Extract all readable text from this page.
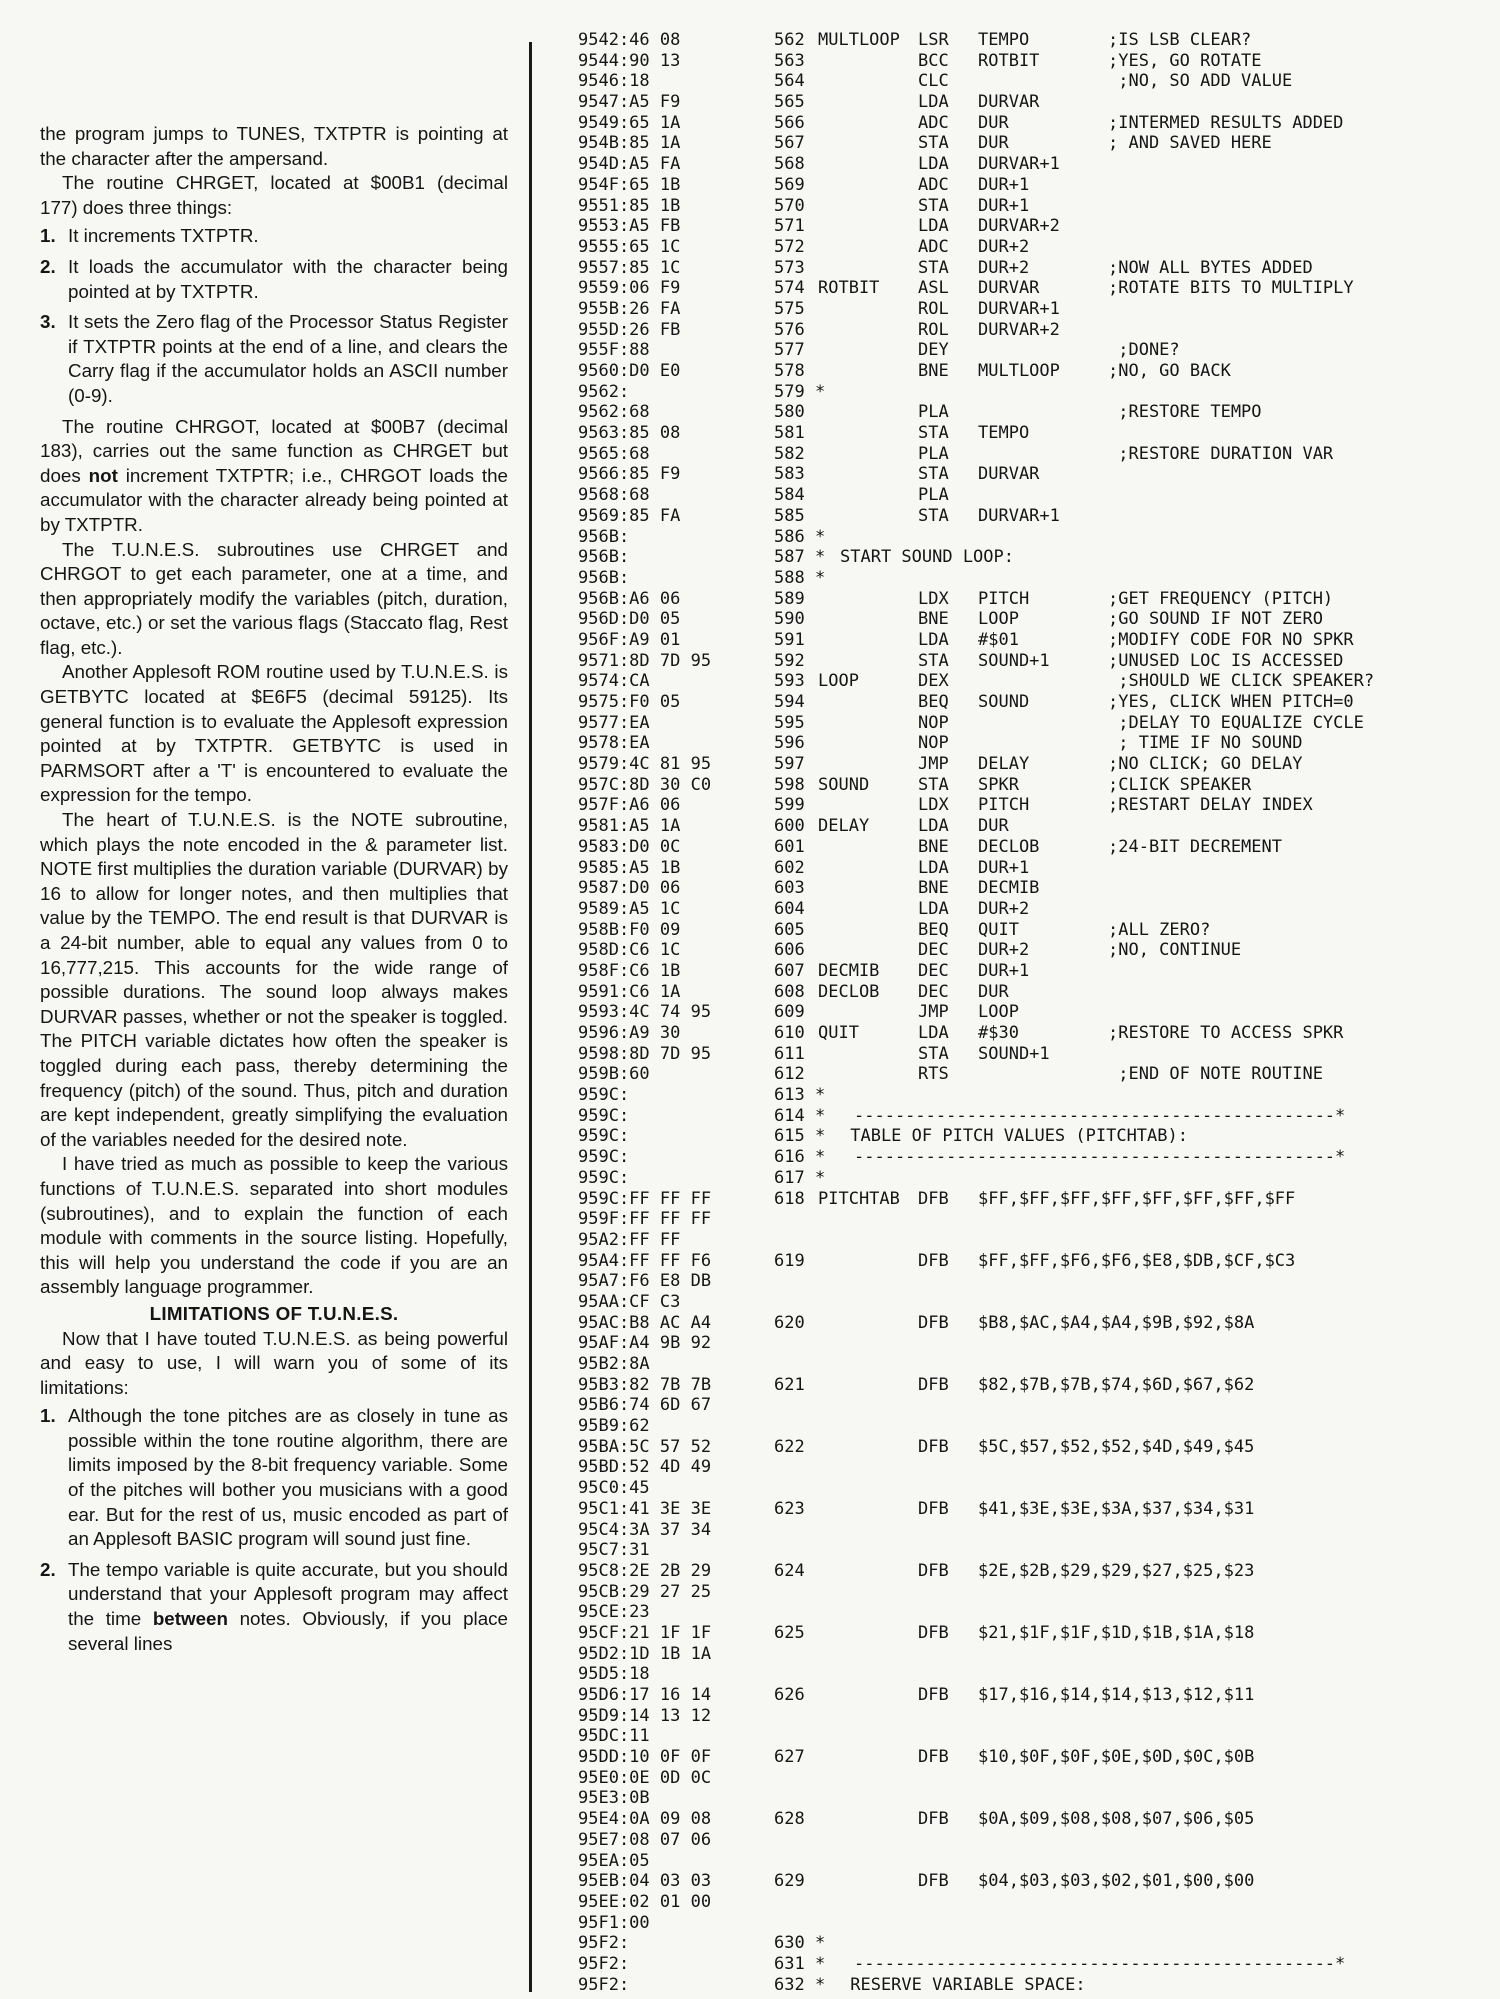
the program jumps to TUNES, TXTPTR is pointing at the character after the ampersand.

The routine CHRGET, located at $00B1 (decimal 177) does three things:

1. It increments TXTPTR.
2. It loads the accumulator with the character being pointed at by TXTPTR.
3. It sets the Zero flag of the Processor Status Register if TXTPTR points at the end of a line, and clears the Carry flag if the accumulator holds an ASCII number (0-9).

The routine CHRGOT, located at $00B7 (decimal 183), carries out the same function as CHRGET but does not increment TXTPTR; i.e., CHRGOT loads the accumulator with the character already being pointed at by TXTPTR.

The T.U.N.E.S. subroutines use CHRGET and CHRGOT to get each parameter, one at a time, and then appropriately modify the variables (pitch, duration, octave, etc.) or set the various flags (Staccato flag, Rest flag, etc.).

Another Applesoft ROM routine used by T.U.N.E.S. is GETBYTC located at $E6F5 (decimal 59125). Its general function is to evaluate the Applesoft expression pointed at by TXTPTR. GETBYTC is used in PARMSORT after a 'T' is encountered to evaluate the expression for the tempo.

The heart of T.U.N.E.S. is the NOTE subroutine, which plays the note encoded in the & parameter list. NOTE first multiplies the duration variable (DURVAR) by 16 to allow for longer notes, and then multiplies that value by the TEMPO. The end result is that DURVAR is a 24-bit number, able to equal any values from 0 to 16,777,215. This accounts for the wide range of possible durations. The sound loop always makes DURVAR passes, whether or not the speaker is toggled. The PITCH variable dictates how often the speaker is toggled during each pass, thereby determining the frequency (pitch) of the sound. Thus, pitch and duration are kept independent, greatly simplifying the evaluation of the variables needed for the desired note.

I have tried as much as possible to keep the various functions of T.U.N.E.S. separated into short modules (subroutines), and to explain the function of each module with comments in the source listing. Hopefully, this will help you understand the code if you are an assembly language programmer.

LIMITATIONS OF T.U.N.E.S.

Now that I have touted T.U.N.E.S. as being powerful and easy to use, I will warn you of some of its limitations:

1. Although the tone pitches are as closely in tune as possible within the tone routine algorithm, there are limits imposed by the 8-bit frequency variable. Some of the pitches will bother you musicians with a good ear. But for the rest of us, music encoded as part of an Applesoft BASIC program will sound just fine.
2. The tempo variable is quite accurate, but you should understand that your Applesoft program may affect the time between notes. Obviously, if you place several lines
9542:46 08	562 MULTLOOP LSR TEMPO	;IS LSB CLEAR?
9544:90 13	563	BCC ROTBIT	;YES, GO ROTATE
9546:18	564	CLC	;NO, SO ADD VALUE
9547:A5 F9	565	LDA DURVAR
9549:65 1A	566	ADC DUR	;INTERMED RESULTS ADDED
954B:85 1A	567	STA DUR	; AND SAVED HERE
954D:A5 FA	568	LDA DURVAR+1
954F:65 1B	569	ADC DUR+1
9551:85 1B	570	STA DUR+1
9553:A5 FB	571	LDA DURVAR+2
9555:65 1C	572	ADC DUR+2
9557:85 1C	573	STA DUR+2	;NOW ALL BYTES ADDED
9559:06 F9	574 ROTBIT ASL DURVAR	;ROTATE BITS TO MULTIPLY
955B:26 FA	575	ROL DURVAR+1
955D:26 FB	576	ROL DURVAR+2
955F:88	577	DEY	;DONE?
9560:D0 E0	578	BNE MULTLOOP	;NO, GO BACK
9562:	579 *
9562:68	580	PLA	;RESTORE TEMPO
9563:85 08	581	STA TEMPO
9565:68	582	PLA	;RESTORE DURATION VAR
9566:85 F9	583	STA DURVAR
9568:68	584	PLA
9569:85 FA	585	STA DURVAR+1
956B:	586 *
956B:	587 * START SOUND LOOP:
956B:	588 *
956B:A6 06	589	LDX PITCH	;GET FREQUENCY (PITCH)
956D:D0 05	590	BNE LOOP	;GO SOUND IF NOT ZERO
956F:A9 01	591	LDA #$01	;MODIFY CODE FOR NO SPKR
9571:8D 7D 95	592	STA SOUND+1	;UNUSED LOC IS ACCESSED
9574:CA	593 LOOP	DEX	;SHOULD WE CLICK SPEAKER?
9575:F0 05	594	BEQ SOUND	;YES, CLICK WHEN PITCH=0
9577:EA	595	NOP	;DELAY TO EQUALIZE CYCLE
9578:EA	596	NOP	; TIME IF NO SOUND
9579:4C 81 95	597	JMP DELAY	;NO CLICK; GO DELAY
957C:8D 30 C0	598 SOUND	STA SPKR	;CLICK SPEAKER
957F:A6 06	599	LDX PITCH	;RESTART DELAY INDEX
9581:A5 1A	600 DELAY	LDA DUR
9583:D0 0C	601	BNE DECLOB	;24-BIT DECREMENT
9585:A5 1B	602	LDA DUR+1
9587:D0 06	603	BNE DECMIB
9589:A5 1C	604	LDA DUR+2
958B:F0 09	605	BEQ QUIT	;ALL ZERO?
958D:C6 1C	606	DEC DUR+2	;NO, CONTINUE
958F:C6 1B	607 DECMIB DEC DUR+1
9591:C6 1A	608 DECLOB DEC DUR
9593:4C 74 95	609	JMP LOOP
9596:A9 30	610 QUIT	LDA #$30	;RESTORE TO ACCESS SPKR
9598:8D 7D 95	611	STA SOUND+1
959B:60	612	RTS	;END OF NOTE ROUTINE
959C:	613 *
959C:	614 * -----------------------------------------------*
959C:	615 * TABLE OF PITCH VALUES (PITCHTAB):
959C:	616 * -----------------------------------------------*
959C:	617 *
959C:FF FF FF	618 PITCHTAB DFB $FF,$FF,$FF,$FF,$FF,$FF,$FF,$FF
959F:FF FF FF
95A2:FF FF
95A4:FF FF F6	619	DFB $FF,$FF,$F6,$F6,$E8,$DB,$CF,$C3
95A7:F6 E8 DB
95AA:CF C3
95AC:B8 AC A4	620	DFB $B8,$AC,$A4,$A4,$9B,$92,$8A
95AF:A4 9B 92
95B2:8A
95B3:82 7B 7B	621	DFB $82,$7B,$7B,$74,$6D,$67,$62
95B6:74 6D 67
95B9:62
95BA:5C 57 52	622	DFB $5C,$57,$52,$52,$4D,$49,$45
95BD:52 4D 49
95C0:45
95C1:41 3E 3E	623	DFB $41,$3E,$3E,$3A,$37,$34,$31
95C4:3A 37 34
95C7:31
95C8:2E 2B 29	624	DFB $2E,$2B,$29,$29,$27,$25,$23
95CB:29 27 25
95CE:23
95CF:21 1F 1F	625	DFB $21,$1F,$1F,$1D,$1B,$1A,$18
95D2:1D 1B 1A
95D5:18
95D6:17 16 14	626	DFB $17,$16,$14,$14,$13,$12,$11
95D9:14 13 12
95DC:11
95DD:10 0F 0F	627	DFB $10,$0F,$0F,$0E,$0D,$0C,$0B
95E0:0E 0D 0C
95E3:0B
95E4:0A 09 08	628	DFB $0A,$09,$08,$08,$07,$06,$05
95E7:08 07 06
95EA:05
95EB:04 03 03	629	DFB $04,$03,$03,$02,$01,$00,$00
95EE:02 01 00
95F1:00
95F2:	630 *
95F2:	631 * -----------------------------------------------*
95F2:	632 * RESERVE VARIABLE SPACE:
